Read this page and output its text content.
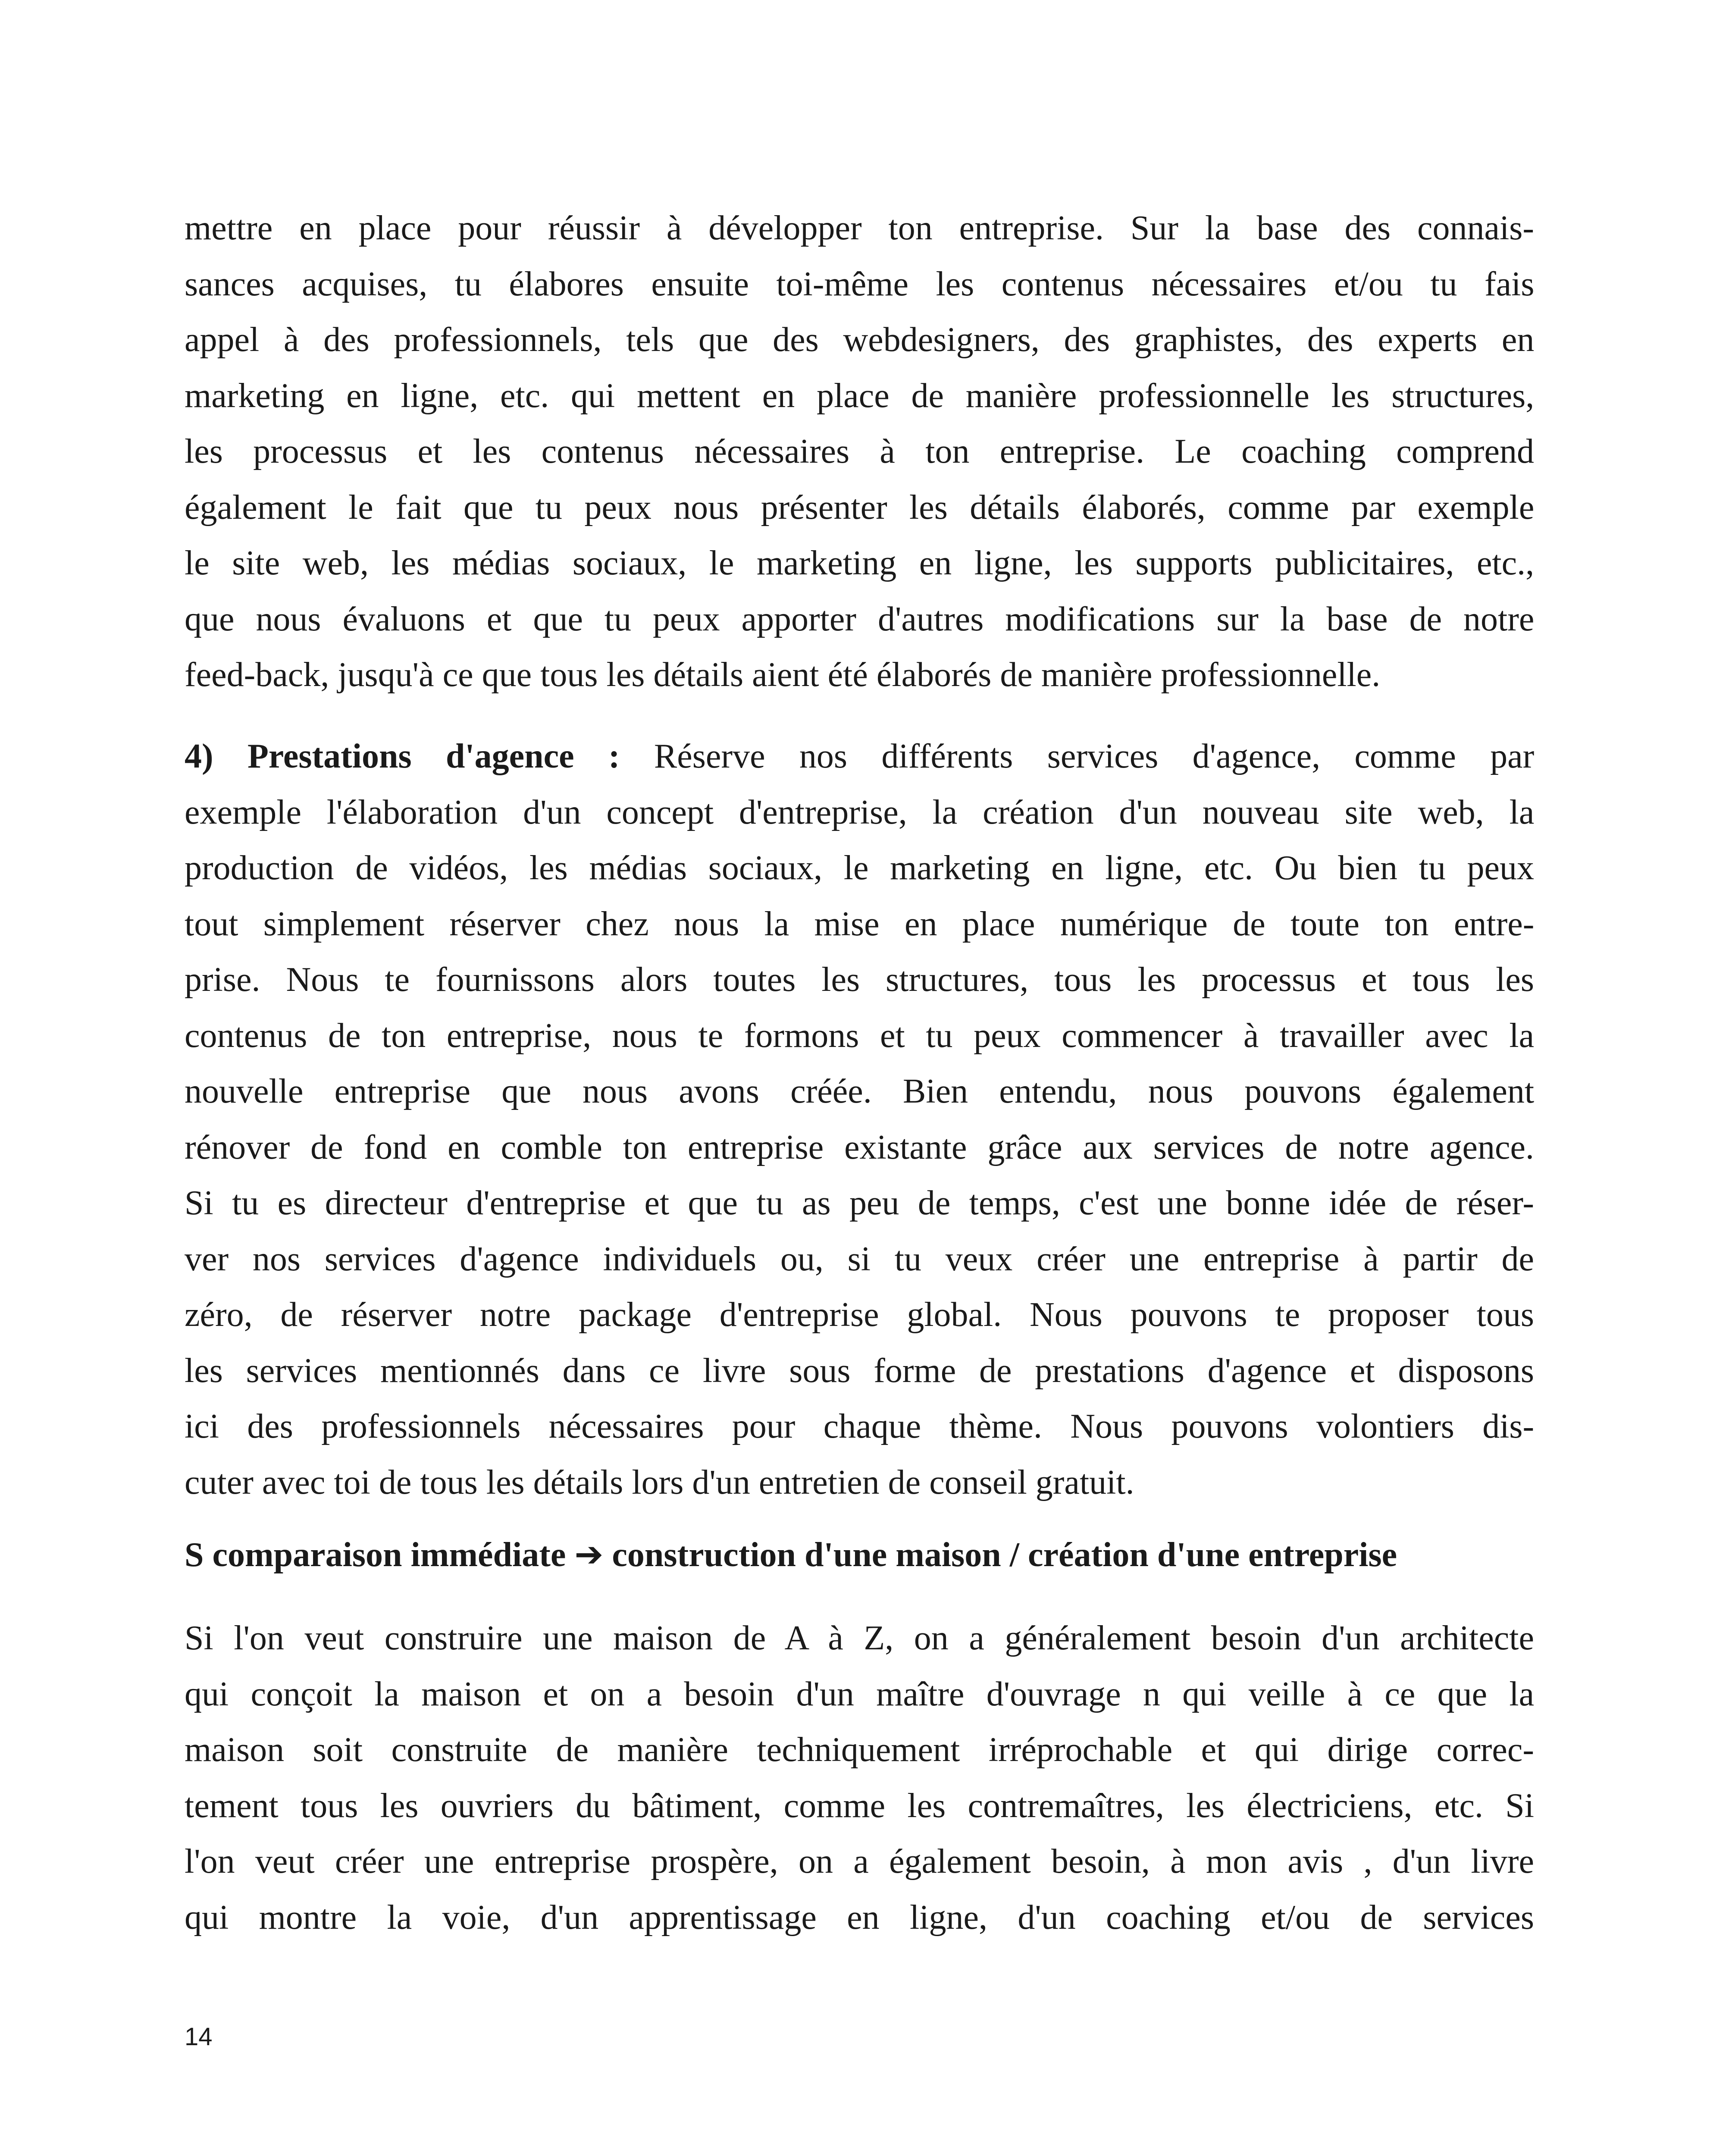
mettre en place pour réussir à développer ton entreprise. Sur la base des connais-
sances acquises, tu élabores ensuite toi-même les contenus nécessaires et/ou tu fais
appel à des professionnels, tels que des webdesigners, des graphistes, des experts en
marketing en ligne, etc. qui mettent en place de manière professionnelle les structures,
les processus et les contenus nécessaires à ton entreprise. Le coaching comprend
également le fait que tu peux nous présenter les détails élaborés, comme par exemple
le site web, les médias sociaux, le marketing en ligne, les supports publicitaires, etc.,
que nous évaluons et que tu peux apporter d'autres modifications sur la base de notre
feed-back, jusqu'à ce que tous les détails aient été élaborés de manière professionnelle.
4) Prestations d'agence : Réserve nos différents services d'agence, comme par
exemple l'élaboration d'un concept d'entreprise, la création d'un nouveau site web, la
production de vidéos, les médias sociaux, le marketing en ligne, etc. Ou bien tu peux
tout simplement réserver chez nous la mise en place numérique de toute ton entre-
prise. Nous te fournissons alors toutes les structures, tous les processus et tous les
contenus de ton entreprise, nous te formons et tu peux commencer à travailler avec la
nouvelle entreprise que nous avons créée. Bien entendu, nous pouvons également
rénover de fond en comble ton entreprise existante grâce aux services de notre agence.
Si tu es directeur d'entreprise et que tu as peu de temps, c'est une bonne idée de réser-
ver nos services d'agence individuels ou, si tu veux créer une entreprise à partir de
zéro, de réserver notre package d'entreprise global. Nous pouvons te proposer tous
les services mentionnés dans ce livre sous forme de prestations d'agence et disposons
ici des professionnels nécessaires pour chaque thème. Nous pouvons volontiers dis-
cuter avec toi de tous les détails lors d'un entretien de conseil gratuit.
S comparaison immédiate ➔ construction d'une maison / création d'une entreprise
Si l'on veut construire une maison de A à Z, on a généralement besoin d'un architecte
qui conçoit la maison et on a besoin d'un maître d'ouvrage n qui veille à ce que la
maison soit construite de manière techniquement irréprochable et qui dirige correc-
tement tous les ouvriers du bâtiment, comme les contremaîtres, les électriciens, etc. Si
l'on veut créer une entreprise prospère, on a également besoin, à mon avis , d'un livre
qui montre la voie, d'un apprentissage en ligne, d'un coaching et/ou de services
14
